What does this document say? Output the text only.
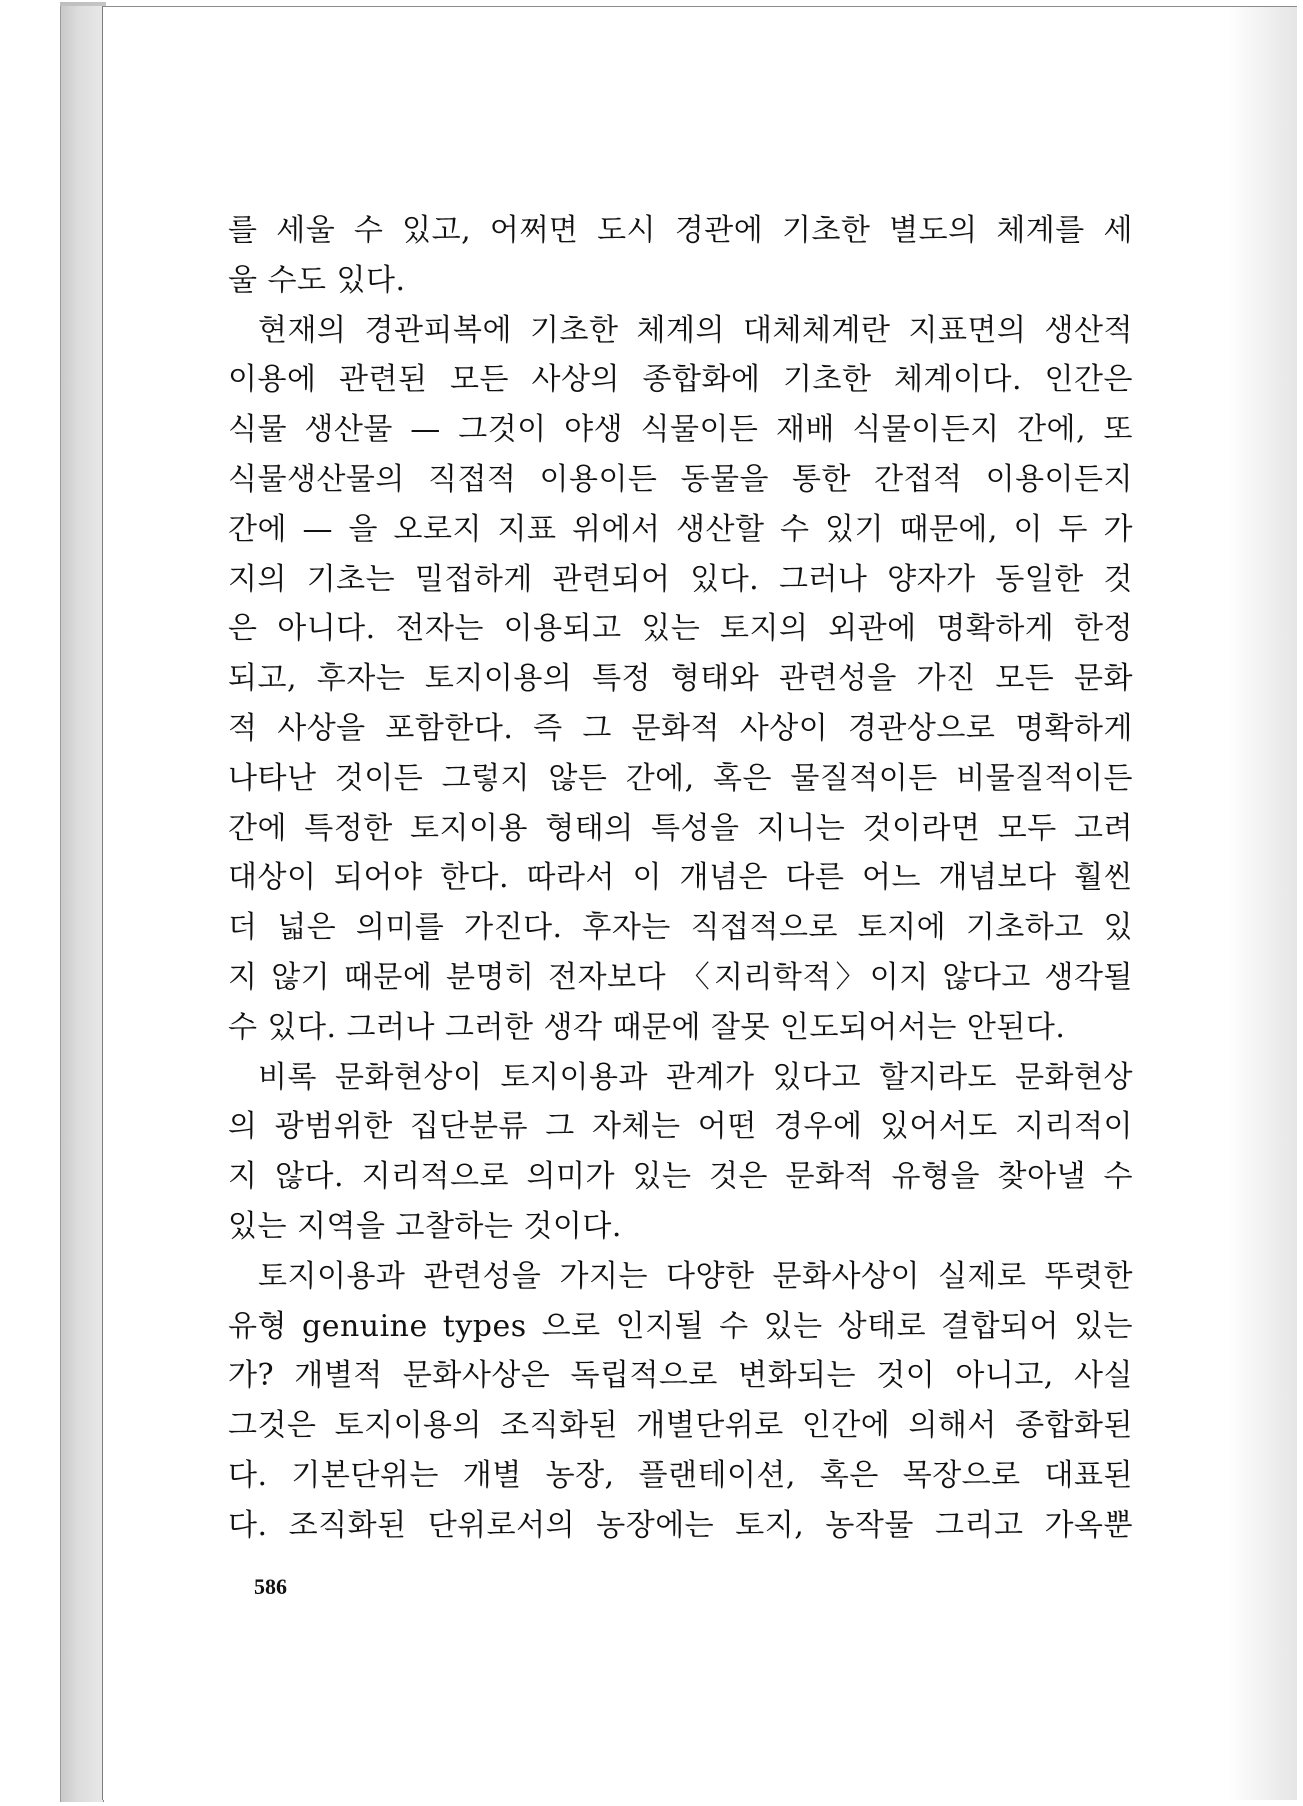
를 세울 수 있고, 어쩌면 도시 경관에 기초한 별도의 체계를 세
울 수도 있다.
현재의 경관피복에 기초한 체계의 대체체계란 지표면의 생산적
이용에 관련된 모든 사상의 종합화에 기초한 체계이다. 인간은
식물 생산물 — 그것이 야생 식물이든 재배 식물이든지 간에, 또
식물생산물의 직접적 이용이든 동물을 통한 간접적 이용이든지
간에 — 을 오로지 지표 위에서 생산할 수 있기 때문에, 이 두 가
지의 기초는 밀접하게 관련되어 있다. 그러나 양자가 동일한 것
은 아니다. 전자는 이용되고 있는 토지의 외관에 명확하게 한정
되고, 후자는 토지이용의 특정 형태와 관련성을 가진 모든 문화
적 사상을 포함한다. 즉 그 문화적 사상이 경관상으로 명확하게
나타난 것이든 그렇지 않든 간에, 혹은 물질적이든 비물질적이든
간에 특정한 토지이용 형태의 특성을 지니는 것이라면 모두 고려
대상이 되어야 한다. 따라서 이 개념은 다른 어느 개념보다 훨씬
더 넓은 의미를 가진다. 후자는 직접적으로 토지에 기초하고 있
지 않기 때문에 분명히 전자보다 〈지리학적〉이지 않다고 생각될
수 있다. 그러나 그러한 생각 때문에 잘못 인도되어서는 안된다.
비록 문화현상이 토지이용과 관계가 있다고 할지라도 문화현상
의 광범위한 집단분류 그 자체는 어떤 경우에 있어서도 지리적이
지 않다. 지리적으로 의미가 있는 것은 문화적 유형을 찾아낼 수
있는 지역을 고찰하는 것이다.
토지이용과 관련성을 가지는 다양한 문화사상이 실제로 뚜렷한
유형 genuine types 으로 인지될 수 있는 상태로 결합되어 있는
가? 개별적 문화사상은 독립적으로 변화되는 것이 아니고, 사실
그것은 토지이용의 조직화된 개별단위로 인간에 의해서 종합화된
다. 기본단위는 개별 농장, 플랜테이션, 혹은 목장으로 대표된
다. 조직화된 단위로서의 농장에는 토지, 농작물 그리고 가옥뿐
586
